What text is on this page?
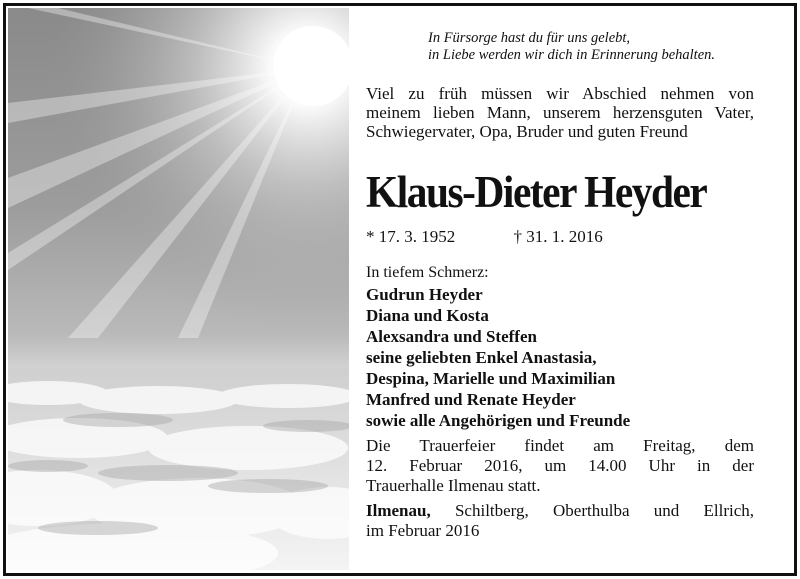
In Fürsorge hast du für uns gelebt,
in Liebe werden wir dich in Erinnerung behalten.
Viel zu früh müssen wir Abschied nehmen von
meinem lieben Mann, unserem herzensguten Vater,
Schwiegervater, Opa, Bruder und guten Freund
Klaus-Dieter Heyder
* 17. 3. 1952	† 31. 1. 2016
In tiefem Schmerz:
Gudrun Heyder
Diana und Kosta
Alexsandra und Steffen
seine geliebten Enkel Anastasia,
Despina, Marielle und Maximilian
Manfred und Renate Heyder
sowie alle Angehörigen und Freunde
Die Trauerfeier findet am Freitag, dem
12. Februar 2016, um 14.00 Uhr in der
Trauerhalle Ilmenau statt.
Ilmenau, Schiltberg, Oberthulba und Ellrich,
im Februar 2016
